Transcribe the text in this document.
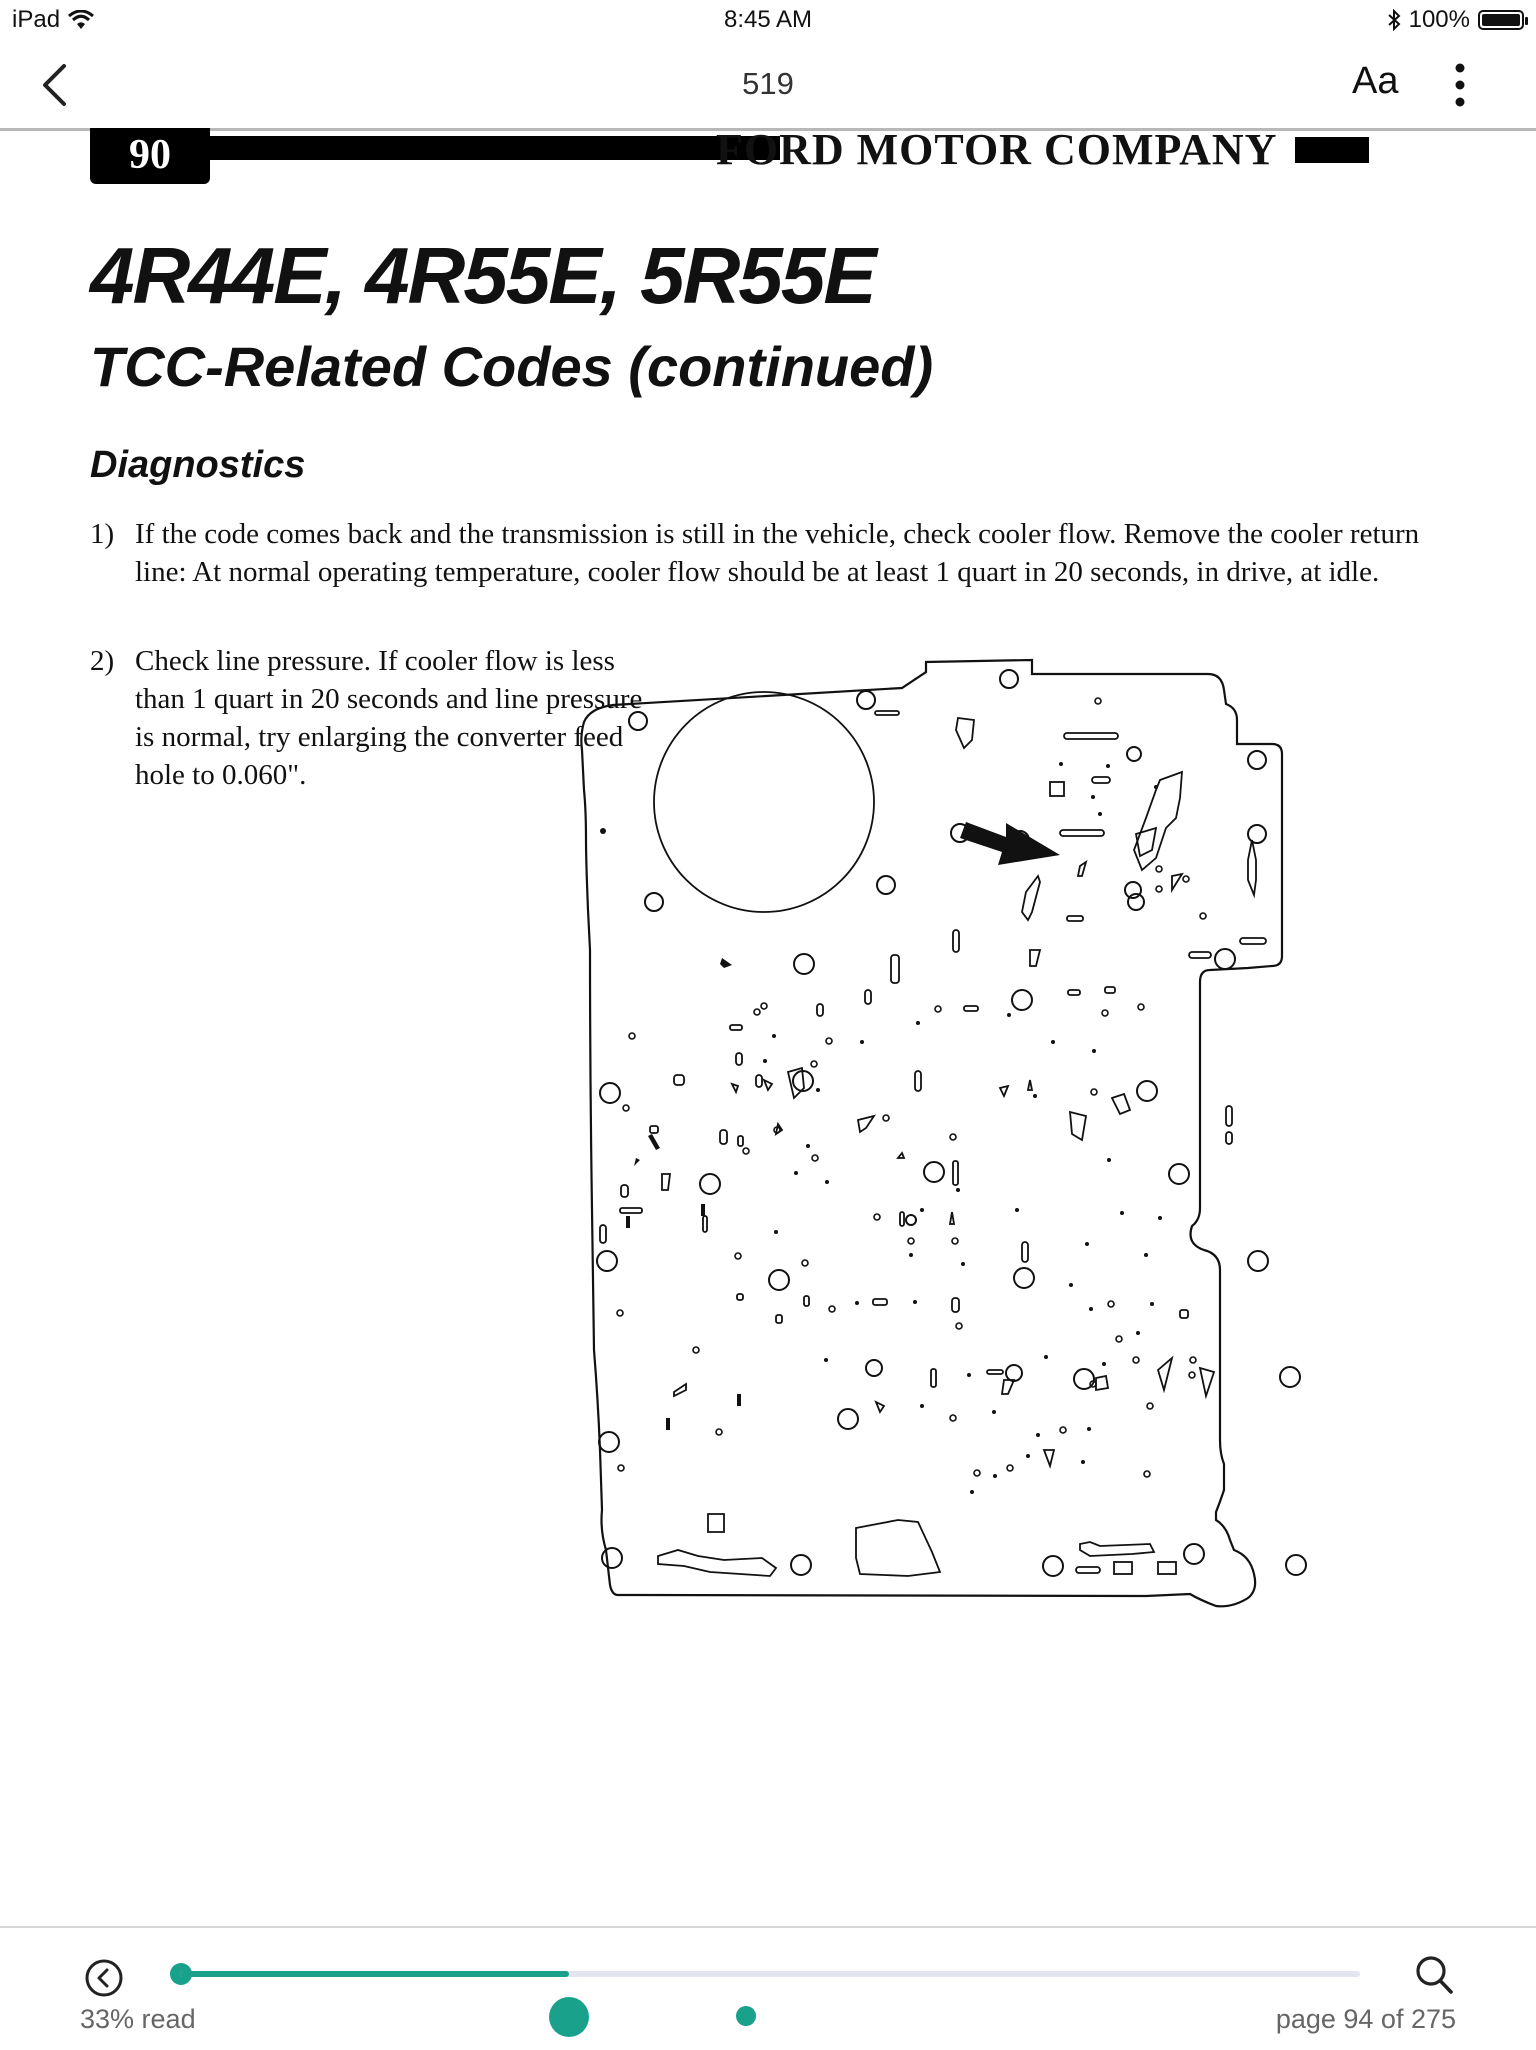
iPad	8:45 AM	100%
519	Aa
90	FORD MOTOR COMPANY
4R44E, 4R55E, 5R55E
TCC-Related Codes (continued)
Diagnostics
1) If the code comes back and the transmission is still in the vehicle, check cooler flow. Remove the cooler return line: At normal operating temperature, cooler flow should be at least 1 quart in 20 seconds, in drive, at idle.
2) Check line pressure. If cooler flow is less than 1 quart in 20 seconds and line pressure is normal, try enlarging the converter feed hole to 0.060".
33% read	page 94 of 275
